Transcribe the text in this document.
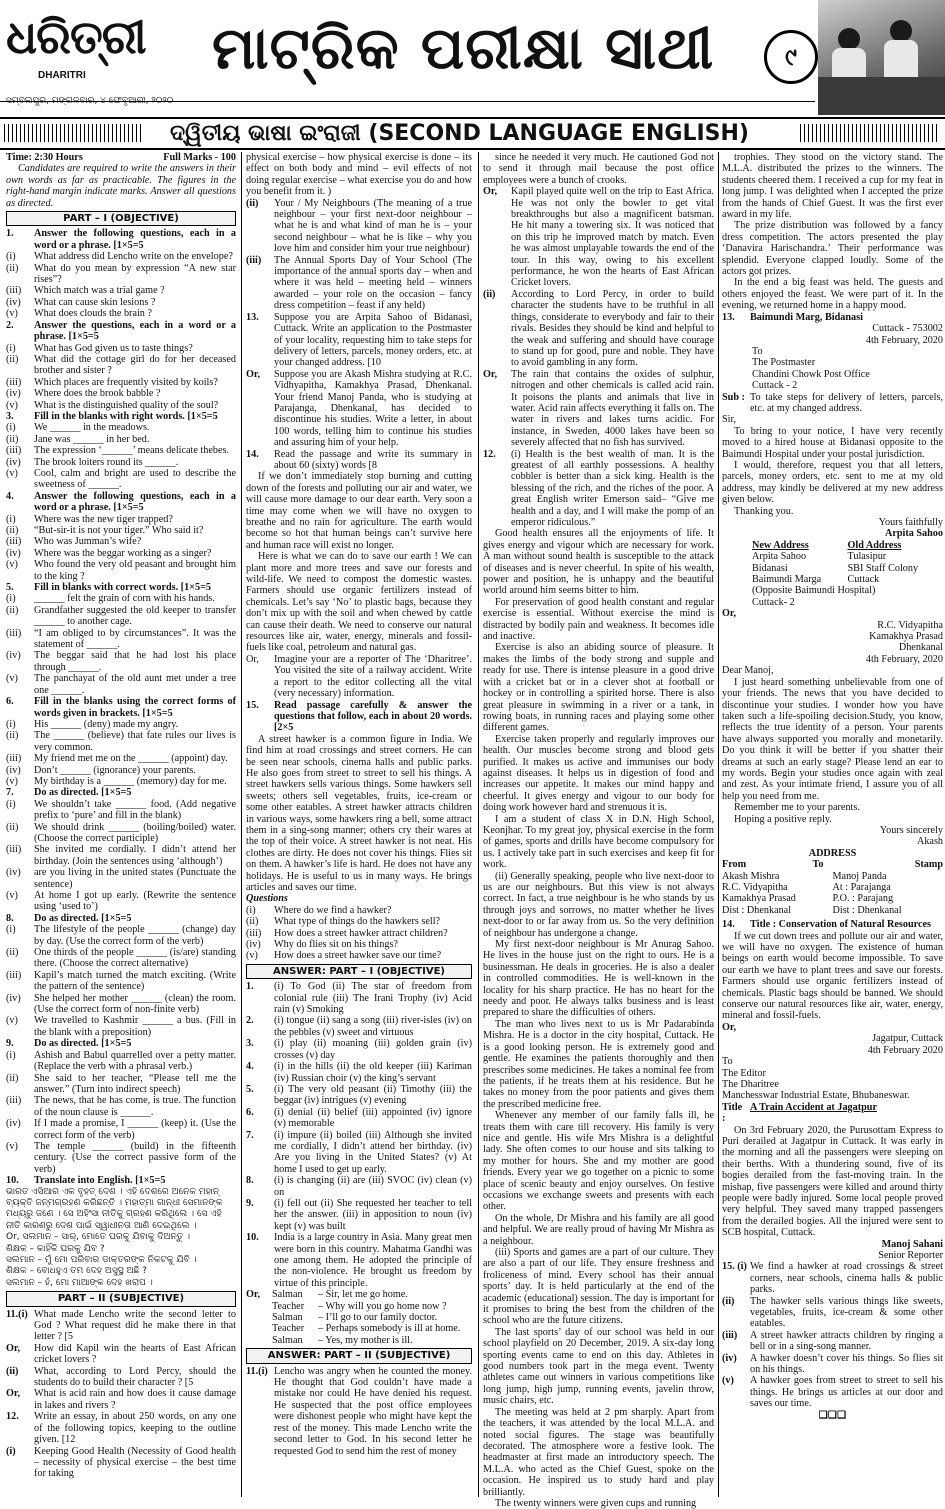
ଧରିତ୍ରୀ
DHARITRI ମାଟ୍ରିକ ପରୀକ୍ଷା ସାଥୀ	୯
ସମ୍ବଲପୁର, ମଙ୍ଗଳବାର, ୪ ଫେବୃଆରୀ, ୨୦୨୦
ଦ୍ୱିତୀୟ ଭାଷା ଇଂରାଜୀ (SECOND LANGUAGE ENGLISH)
Time: 2:30 Hours	Full Marks - 100

Candidates are required to write the answers in their own words as far as practicable. The figures in the right-hand margin indicate marks. Answer all questions as directed.

PART – I (OBJECTIVE)
1.	Answer the following questions, each in a word or a phrase. [1×5=5
(i)	What address did Lencho write on the envelope?
(ii)	What do you mean by expression “A new star rises”?
(iii)	Which match was a trial game ?
(iv)	What can cause skin lesions ?
(v)	What does clouds the brain ?
2.	Answer the questions, each in a word or a phrase. [1×5=5
(i)	What has God given us to taste things?
(ii)	What did the cottage girl do for her deceased brother and sister ?
(iii)	Which places are frequently visited by koils?
(iv)	Where does the brook babble ?
(v)	What is the distinguished quality of the soul?
3.	Fill in the blanks with right words. [1×5=5
(i)	We ______ in the meadows.
(ii)	Jane was ______ in her bed.
(iii)	The expression ‘______’ means delicate thebes.
(iv)	The brook loiters round its ______.
(v)	Cool, calm and bright are used to describe the sweetness of ______.
4.	Answer the following questions, each in a word or a phrase. [1×5=5
(i)	Where was the new tiger trapped?
(ii)	“But-sir-it is not your tiger.” Who said it?
(iii)	Who was Jumman’s wife?
(iv)	Where was the beggar working as a singer?
(v)	Who found the very old peasant and brought him to the king ?
5.	Fill in blanks with correct words. [1×5=5
(i)	______ felt the grain of corn with his hands.
(ii)	Grandfather suggested the old keeper to transfer ______ to another cage.
(iii)	“I am obliged to by circumstances”. It was the statement of ______.
(iv)	The beggar said that he had lost his place through ______.
(v)	The panchayat of the old aunt met under a tree one ______.
6.	Fill in the blanks using the correct forms of words given in brackets. [1×5=5
(i)	His ______ (deny) made my angry.
(ii)	The ______ (believe) that fate rules our lives is very common.
(iii)	My friend met me on the ______ (appoint) day.
(iv)	Don’t ______ (ignorance) your parents.
(v)	My birthday is a ______ (memory) day for me.
7.	Do as directed. [1×5=5
(i)	We shouldn’t take ______ food. (Add negative prefix to ‘pure’ and fill in the blank)
(ii)	We should drink ______ (boiling/boiled) water. (Choose the correct participle)
(iii)	She invited me cordially. I didn’t attend her birthday. (Join the sentences using ‘although’)
(iv)	are you living in the united states (Punctuate the sentence)
(v)	At home I got up early. (Rewrite the sentence using ‘used to’)
8.	Do as directed. [1×5=5
(i)	The lifestyle of the people ______ (change) day by day. (Use the correct form of the verb)
(ii)	One thirds of the people ______ (is/are) standing there. (Choose the correct alternative)
(iii)	Kapil’s match turned the match exciting. (Write the pattern of the sentence)
(iv)	She helped her mother ______ (clean) the room. (Use the correct form of non-finite verb)
(v)	We travelled to Kashmir ______ a bus. (Fill in the blank with a preposition)
9.	Do as directed. [1×5=5
(i)	Ashish and Babul quarrelled over a petty matter. (Replace the verb with a phrasal verb.)
(ii)	She said to her teacher, “Please tell me the answer.” (Turn into indirect speech)
(iii)	The news, that he has come, is true. The function of the noun clause is ______.
(iv)	If I made a promise, I ______ (keep) it. (Use the correct form of the verb)
(v)	The temple ______ (build) in the fifteenth century. (Use the correct passive form of the verb)
10.	Translate into English. [1×5=5
ଭାରତ ଏସିଆର ଏକ ବୃହତ୍ ଦେଶ । ଏହି ଦେଶରେ ଅନେକ ମହାନ୍ ବ୍ୟକ୍ତି ଜନ୍ମଗ୍ରହଣ କରିଛନ୍ତି । ମହାତ୍ମା ଗାନ୍ଧୀ ସେମାନଙ୍କ ମଧ୍ୟରୁ ଜଣେ । ସେ ଅହିଂସା ନୀତିକୁ ଗ୍ରହଣ କରିଥିଲେ । ସେ ଏହି ନୀତି କାରଣରୁ ଦେଶ ପାଇଁ ସ୍ୱାଧୀନତା ଆଣି ଦେଇଥିଲେ ।
Or, ସଲମାନ – ସାର୍, ମୋତେ ଘରକୁ ଯିବାକୁ ଦିଅନ୍ତୁ ।
ଶିକ୍ଷକ – କାହିଁକି ଘରକୁ ଯିବ ?
ସଲମାନ – ମୁଁ ମୋ ପରିବାର ଡାକ୍ତରଙ୍କ ନିକଟକୁ ଯିବି ।
ଶିକ୍ଷକ – ବୋଧହୁଏ ତମ ଦେହ ଅସୁସ୍ଥ ଅଛି ?
ସଲମାନ – ହଁ, ମୋ ମାଆଙ୍କ ଦେହ ଖରାପ ।
PART – II (SUBJECTIVE)
11.(i) What made Lencho write the second letter to God ? What request did he make there in that letter ? [5
Or,	How did Kapil win the hearts of East African cricket lovers ?
(ii)	What, according to Lord Percy, should the students do to build their character ? [5
Or,	What is acid rain and how does it cause damage in lakes and rivers ?
12.	Write an essay, in about 250 words, on any one of the following topics, keeping to the outline given. [12
(i)	Keeping Good Health (Necessity of Good health – necessity of physical exercise – the best time for taking

physical exercise – how physical exercise is done – its effect on both body and mind – evil effects of not doing regular exercise – what exercise you do and how you benefit from it. )

(ii)	Your / My Neighbours (The meaning of a true neighbour – your first next-door neighbour – what he is and what kind of man he is – your second neighbour – what he is like – why you love him and consider him your true neighbour)
(iii)	The Annual Sports Day of Your School (The importance of the annual sports day – when and where it was held – meeting held – winners awarded – your role on the occasion – fancy dress competition – feast if any held)
13.	Suppose you are Arpita Sahoo of Bidanasi, Cuttack. Write an application to the Postmaster of your locality, requesting him to take steps for delivery of letters, parcels, money orders, etc. at your changed address. [10
Or,	Suppose you are Akash Mishra studying at R.C. Vidhyapitha, Kamakhya Prasad, Dhenkanal. Your friend Manoj Panda, who is studying at Parajanga, Dhenkanal, has decided to discontinue his studies. Write a letter, in about 100 words, telling him to continue his studies and assuring him of your help.
14.	Read the passage and write its summary in about 60 (sixty) words [8

If we don’t immediately stop burning and cutting down of the forests and polluting our air and water, we will cause more damage to our dear earth. Very soon a time may come when we will have no oxygen to breathe and no rain for agriculture. The earth would become so hot that human beings can’t survive here and human race will exist no longer.

Here is what we can do to save our earth ! We can plant more and more trees and save our forests and wild-life. We need to compost the domestic wastes. Farmers should use organic fertilizers instead of chemicals. Let’s say ‘No’ to plastic bags, because they don’t mix up with the soil and when chewed by cattle can cause their death. We need to conserve our natural resources like air, water, energy, minerals and fossil-fuels like coal, petroleum and natural gas.

Or,	Imagine your are a reporter of The ‘Dharitree’. You visited the site of a railway accident. Write a report to the editor collecting all the vital (very necessary) information.
15.	Read passage carefully & answer the questions that follow, each in about 20 words. [2×5

A street hawker is a common figure in India. We find him at road crossings and street corners. He can be seen near schools, cinema halls and public parks. He also goes from street to street to sell his things. A street hawkers sells various things. Some hawkers sell sweets; others sell vegetables, fruits, ice-cream or some other eatables. A street hawker attracts children in various ways, some hawkers ring a bell, some attract them in a sing-song manner; others cry their wares at the top of their voice. A street hawker is not neat. His clothes are dirty. He does not cover his things. Flies sit on them. A hawker’s life is hard. He does not have any holidays. He is useful to us in many ways. He brings articles and saves our time.

Questions
(i)	Where do we find a hawker?
(ii)	What type of things do the hawkers sell?
(iii)	How does a street hawker attract children?
(iv)	Why do flies sit on his things?
(v)	How does a street hawker save our time?
ANSWER: PART – I (OBJECTIVE)
1.	(i) To God (ii) The star of freedom from colonial rule (iii) The Irani Trophy (iv) Acid rain (v) Smoking
2.	(i) tongue (ii) sang a song (iii) river-isles (iv) on the pebbles (v) sweet and virtuous
3.	(i) play (ii) moaning (iii) golden grain (iv) crosses (v) day
4.	(i) in the hills (ii) the old keeper (iii) Kariman (iv) Russian choir (v) the king’s servant
5.	(i) The very old peasant (ii) Timothy (iii) the beggar (iv) intrigues (v) evening
6.	(i) denial (ii) belief (iii) appointed (iv) ignore (v) memorable
7.	(i) impure (ii) boiled (iii) Although she invited me cordially, I didn’t attend her birthday. (iv) Are you living in the United States? (v) At home I used to get up early.
8.	(i) is changing (ii) are (iii) SVOC (iv) clean (v) on
9.	(i) fell out (ii) She requested her teacher to tell her the answer. (iii) in apposition to noun (iv) kept (v) was built
10.	India is a large country in Asia. Many great men were born in this country. Mahatma Gandhi was one among them. He adopted the principle of the non-violence. He brought us freedom by virtue of this principle.
Or,	Salman	– Sir, let me go home.
Teacher	– Why will you go home now ?
Salman	– I’ll go to our family doctor.
Teacher	– Perhaps somebody is ill at home.
Salman	– Yes, my mother is ill.
ANSWER: PART – II (SUBJECTIVE)
11.(i) Lencho was angry when he counted the money. He thought that God couldn’t have made a mistake nor could He have denied his request. He suspected that the post office employees were dishonest people who might have kept the rest of the money. This made Lencho write the second letter to God. In his second letter he requested God to send him the rest of money

since he needed it very much. He cautioned God not to send it through mail because the post office employees were a bunch of crooks.

Or,	Kapil played quite well on the trip to East Africa. He was not only the bowler to get vital breakthroughs but also a magnificent batsman. He hit many a towering six. It was noticed that on this trip he improved match by match. Even he was almost unplayable towards the end of the tour. In this way, owing to his excellent performance, he won the hearts of East African Cricket lovers.
(ii)	According to Lord Percy, in order to build character the students have to be truthful in all things, considerate to everybody and fair to their rivals. Besides they should be kind and helpful to the weak and suffering and should have courage to stand up for good, pure and noble. They have to avoid gambling in any form.
Or,	The rain that contains the oxides of sulphur, nitrogen and other chemicals is called acid rain. It poisons the plants and animals that live in water. Acid rain affects everything it falls on. The water in rivers and lakes turns acidic. For instance, in Sweden, 4000 lakes have been so severely affected that no fish has survived.
12.	(i) Health is the best wealth of man. It is the greatest of all earthly possessions. A healthy cobbler is better than a sick king. Health is the blessing of the rich, and the riches of the poor. A great English writer Emerson said– “Give me health and a day, and I will make the pomp of an emperor ridiculous.”

Good health ensures all the enjoyments of life. It gives energy and vigour which are necessary for work. A man without sound health is susceptible to the attack of diseases and is never cheerful. In spite of his wealth, power and position, he is unhappy and the beautiful world around him seems bitter to him.

For preservation of good health constant and regular exercise is essential. Without exercise the mind is distracted by bodily pain and weakness. It becomes idle and inactive.

Exercise is also an abiding source of pleasure. It makes the limbs of the body strong and supple and ready for use. There is intense pleasure in a good drive with a cricket bat or in a clever shot at football or hockey or in controlling a spirited horse. There is also great pleasure in swimming in a river or a tank, in rowing boats, in running races and playing some other different games.

Exercise taken properly and regularly improves our health. Our muscles become strong and blood gets purified. It makes us active and immunises our body against diseases. It helps us in digestion of food and increases our appetite. It makes our mind happy and cheerful. It gives energy and vigour to our body for doing work however hard and strenuous it is.

I am a student of class X in D.N. High School, Keonjhar. To my great joy, physical exercise in the form of games, sports and drills have become compulsory for us. I actively take part in such exercises and keep fit for work.

(ii) Generally speaking, people who live next-door to us are our neighbours. But this view is not always correct. In fact, a true neighbour is he who stands by us through joys and sorrows, no matter whether he lives next-door to or far away from us. So the very definition of neighbour has undergone a change.

My first next-door neighbour is Mr Anurag Sahoo. He lives in the house just on the right to ours. He is a businessman. He deals in groceries. He is also a dealer in controlled commodities. He is well-known in the locality for his sharp practice. He has no heart for the needy and poor. He always talks business and is least prepared to share the difficulties of others.

The man who lives next to us is Mr Padarabinda Mishra. He is a doctor in the city hospital, Cuttack. He is a good looking person. He is extremely good and gentle. He examines the patients thoroughly and then prescribes some medicines. He takes a nominal fee from the patients, if he treats them at his residence. But he takes no money from the poor patients and gives them the prescribed medicine free.

Whenever any member of our family falls ill, he treats them with care till recovery. His family is very nice and gentle. His wife Mrs Mishra is a delightful lady. She often comes to our house and sits talking to my mother for hours. She and my mother are good friends. Every year we go together on a picnic to some place of scenic beauty and enjoy ourselves. On festive occasions we exchange sweets and presents with each other.

On the whole, Dr Mishra and his family are all good and helpful. We are really proud of having Mr Mishra as a neighbour.

(iii) Sports and games are a part of our culture. They are also a part of our life. They ensure freshness and froliceness of mind. Every school has their annual sports’ day. It is held particularly at the end of the academic (educational) session. The day is important for it promises to bring the best from the children of the school who are the future citizens.

The last sports’ day of our school was held in our school playfield on 20 December, 2019. A six-day long sporting events came to end on this day. Athletes in good numbers took part in the mega event. Twenty athletes came out winners in various competitions like long jump, high jump, running events, javelin throw, music chairs, etc.

The meeting was held at 2 pm sharply. Apart from the teachers, it was attended by the local M.L.A. and noted social figures. The stage was beautifully decorated. The atmosphere wore a festive look. The headmaster at first made an introductory speech. The M.L.A. who acted as the Chief Guest, spoke on the occasion. He inspired us to study hard and play brilliantly.

The twenty winners were given cups and running

trophies. They stood on the victory stand. The M.L.A. distributed the prizes to the winners. The students cheered them. I received a cup for my feat in long jump. I was delighted when I accepted the prize from the hands of Chief Guest. It was the first ever award in my life.

The prize distribution was followed by a fancy dress competition. The actors presented the play ‘Danavira Harischandra.’ Their performance was splendid. Everyone clapped loudly. Some of the actors got prizes.

In the end a big feast was held. The guests and others enjoyed the feast. We were part of it. In the evening, we returned home in a happy mood.

13.	Baimundi Marg, Bidanasi
Cuttack - 753002
4th February, 2020
To
The Postmaster
Chandini Chowk Post Office
Cuttack - 2
Sub : To take steps for delivery of letters, parcels, etc. at my changed address.
Sir,

To bring to your notice, I have very recently moved to a hired house at Bidanasi opposite to the Baimundi Hospital under your postal jurisdiction.

I would, therefore, request you that all letters, parcels, money orders, etc. sent to me at my old address, may kindly be delivered at my new address given below.

Thanking you.

Yours faithfully
Arpita Sahoo
New Address	Old Address
Arpita Sahoo	Tulasipur
Bidanasi	SBI Staff Colony
Baimundi Marga	Cuttack
(Opposite Baimundi Hospital)
Cuttack- 2
Or,
R.C. Vidyapitha
Kamakhya Prasad
Dhenkanal
4th February, 2020
Dear Manoj,

I just heard something unbelievable from one of your friends. The news that you have decided to discontinue your studies. I wonder how you have taken such a life-spoiling decision.Study, you know, reflects the true identity of a person. Your parents have always supported you morally and monetarily. Do you think it will be better if you shatter their dreams at such an early stage? Please lend an ear to my words. Begin your studies once again with zeal and zest. As your intimate friend, I assure you of all help you need from me.

Remember me to your parents.

Hoping a positive reply.

Yours sincerely
Akash
ADDRESS
From	To	Stamp
Akash Mishra	Manoj Panda
R.C. Vidyapitha	At : Parajanga
Kamakhya Prasad	P.O. : Parajang
Dist : Dhenkanal	Dist : Dhenkanal
14.	Title : Conservation of Natural Resources

If we cut down trees and pollute our air and water, we will have no oxygen. The existence of human beings on earth would become impossible. To save our earth we have to plant trees and save our forests. Farmers should use organic fertilizers instead of chemicals. Plastic bags should be banned. We should conserve our natural resources like air, water, energy, mineral and fossil-fuels.

Or,
Jagatpur, Cuttack
4th February 2020
To
The Editor
The Dharitree
Manchesswar Industrial Estate, Bhubaneswar.
Title :
A Train Accident at Jagatpur

On 3rd February 2020, the Purusottam Express to Puri derailed at Jagatpur in Cuttack. It was early in the morning and all the passengers were sleeping on their berths. With a thundering sound, five of its bogies derailed from the fast-moving train. In the mishap, five passengers were killed and around thirty people were badly injured. Some local people proved very helpful. They saved many trapped passengers from the derailed bogies. All the injured were sent to SCB hospital, Cuttack.

Manoj Sahani
Senior Reporter
15. (i) We find a hawker at road crossings & street corners, near schools, cinema halls & public parks.
(ii)	The hawker sells various things like sweets, vegetables, fruits, ice-cream & some other eatables.
(iii)	A street hawker attracts children by ringing a bell or in a sing-song manner.
(iv)	A hawker doesn’t cover his things. So flies sit on his things.
(v)	A hawker goes from street to street to sell his things. He brings us articles at our door and saves our time.
❑❑❑
